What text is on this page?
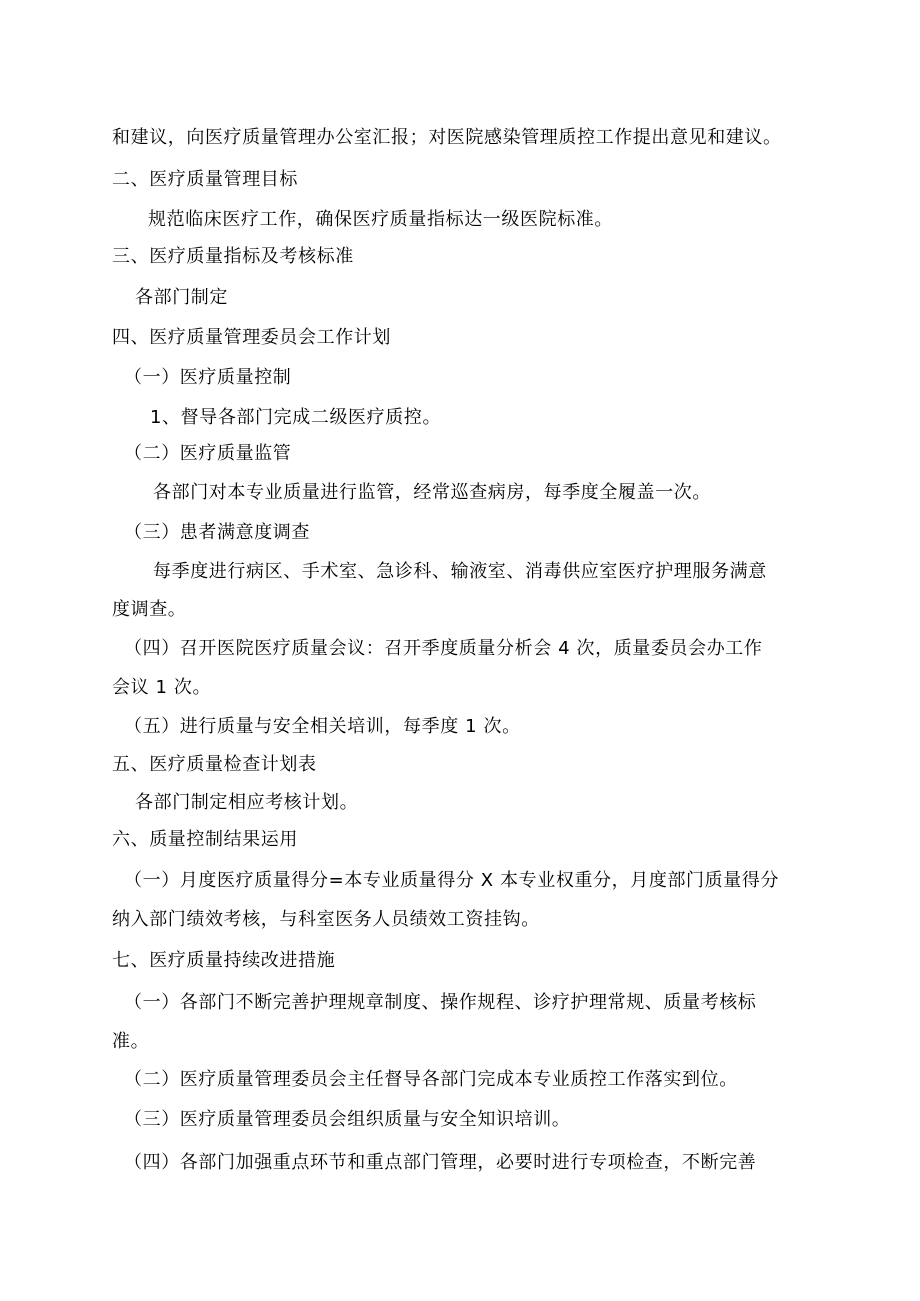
和建议，向医疗质量管理办公室汇报；对医院感染管理质控工作提出意见和建议。
二、医疗质量管理目标
规范临床医疗工作，确保医疗质量指标达一级医院标准。
三、医疗质量指标及考核标准
各部门制定
四、医疗质量管理委员会工作计划
（一）医疗质量控制
1、督导各部门完成二级医疗质控。
（二）医疗质量监管
各部门对本专业质量进行监管，经常巡查病房，每季度全履盖一次。
（三）患者满意度调查
每季度进行病区、手术室、急诊科、输液室、消毒供应室医疗护理服务满意
度调查。
（四）召开医院医疗质量会议：召开季度质量分析会 4 次，质量委员会办工作
会议 1 次。
（五）进行质量与安全相关培训，每季度 1 次。
五、医疗质量检查计划表
各部门制定相应考核计划。
六、质量控制结果运用
（一）月度医疗质量得分=本专业质量得分 X 本专业权重分，月度部门质量得分
纳入部门绩效考核，与科室医务人员绩效工资挂钩。
七、医疗质量持续改进措施
（一）各部门不断完善护理规章制度、操作规程、诊疗护理常规、质量考核标
准。
（二）医疗质量管理委员会主任督导各部门完成本专业质控工作落实到位。
（三）医疗质量管理委员会组织质量与安全知识培训。
（四）各部门加强重点环节和重点部门管理，必要时进行专项检查，不断完善
